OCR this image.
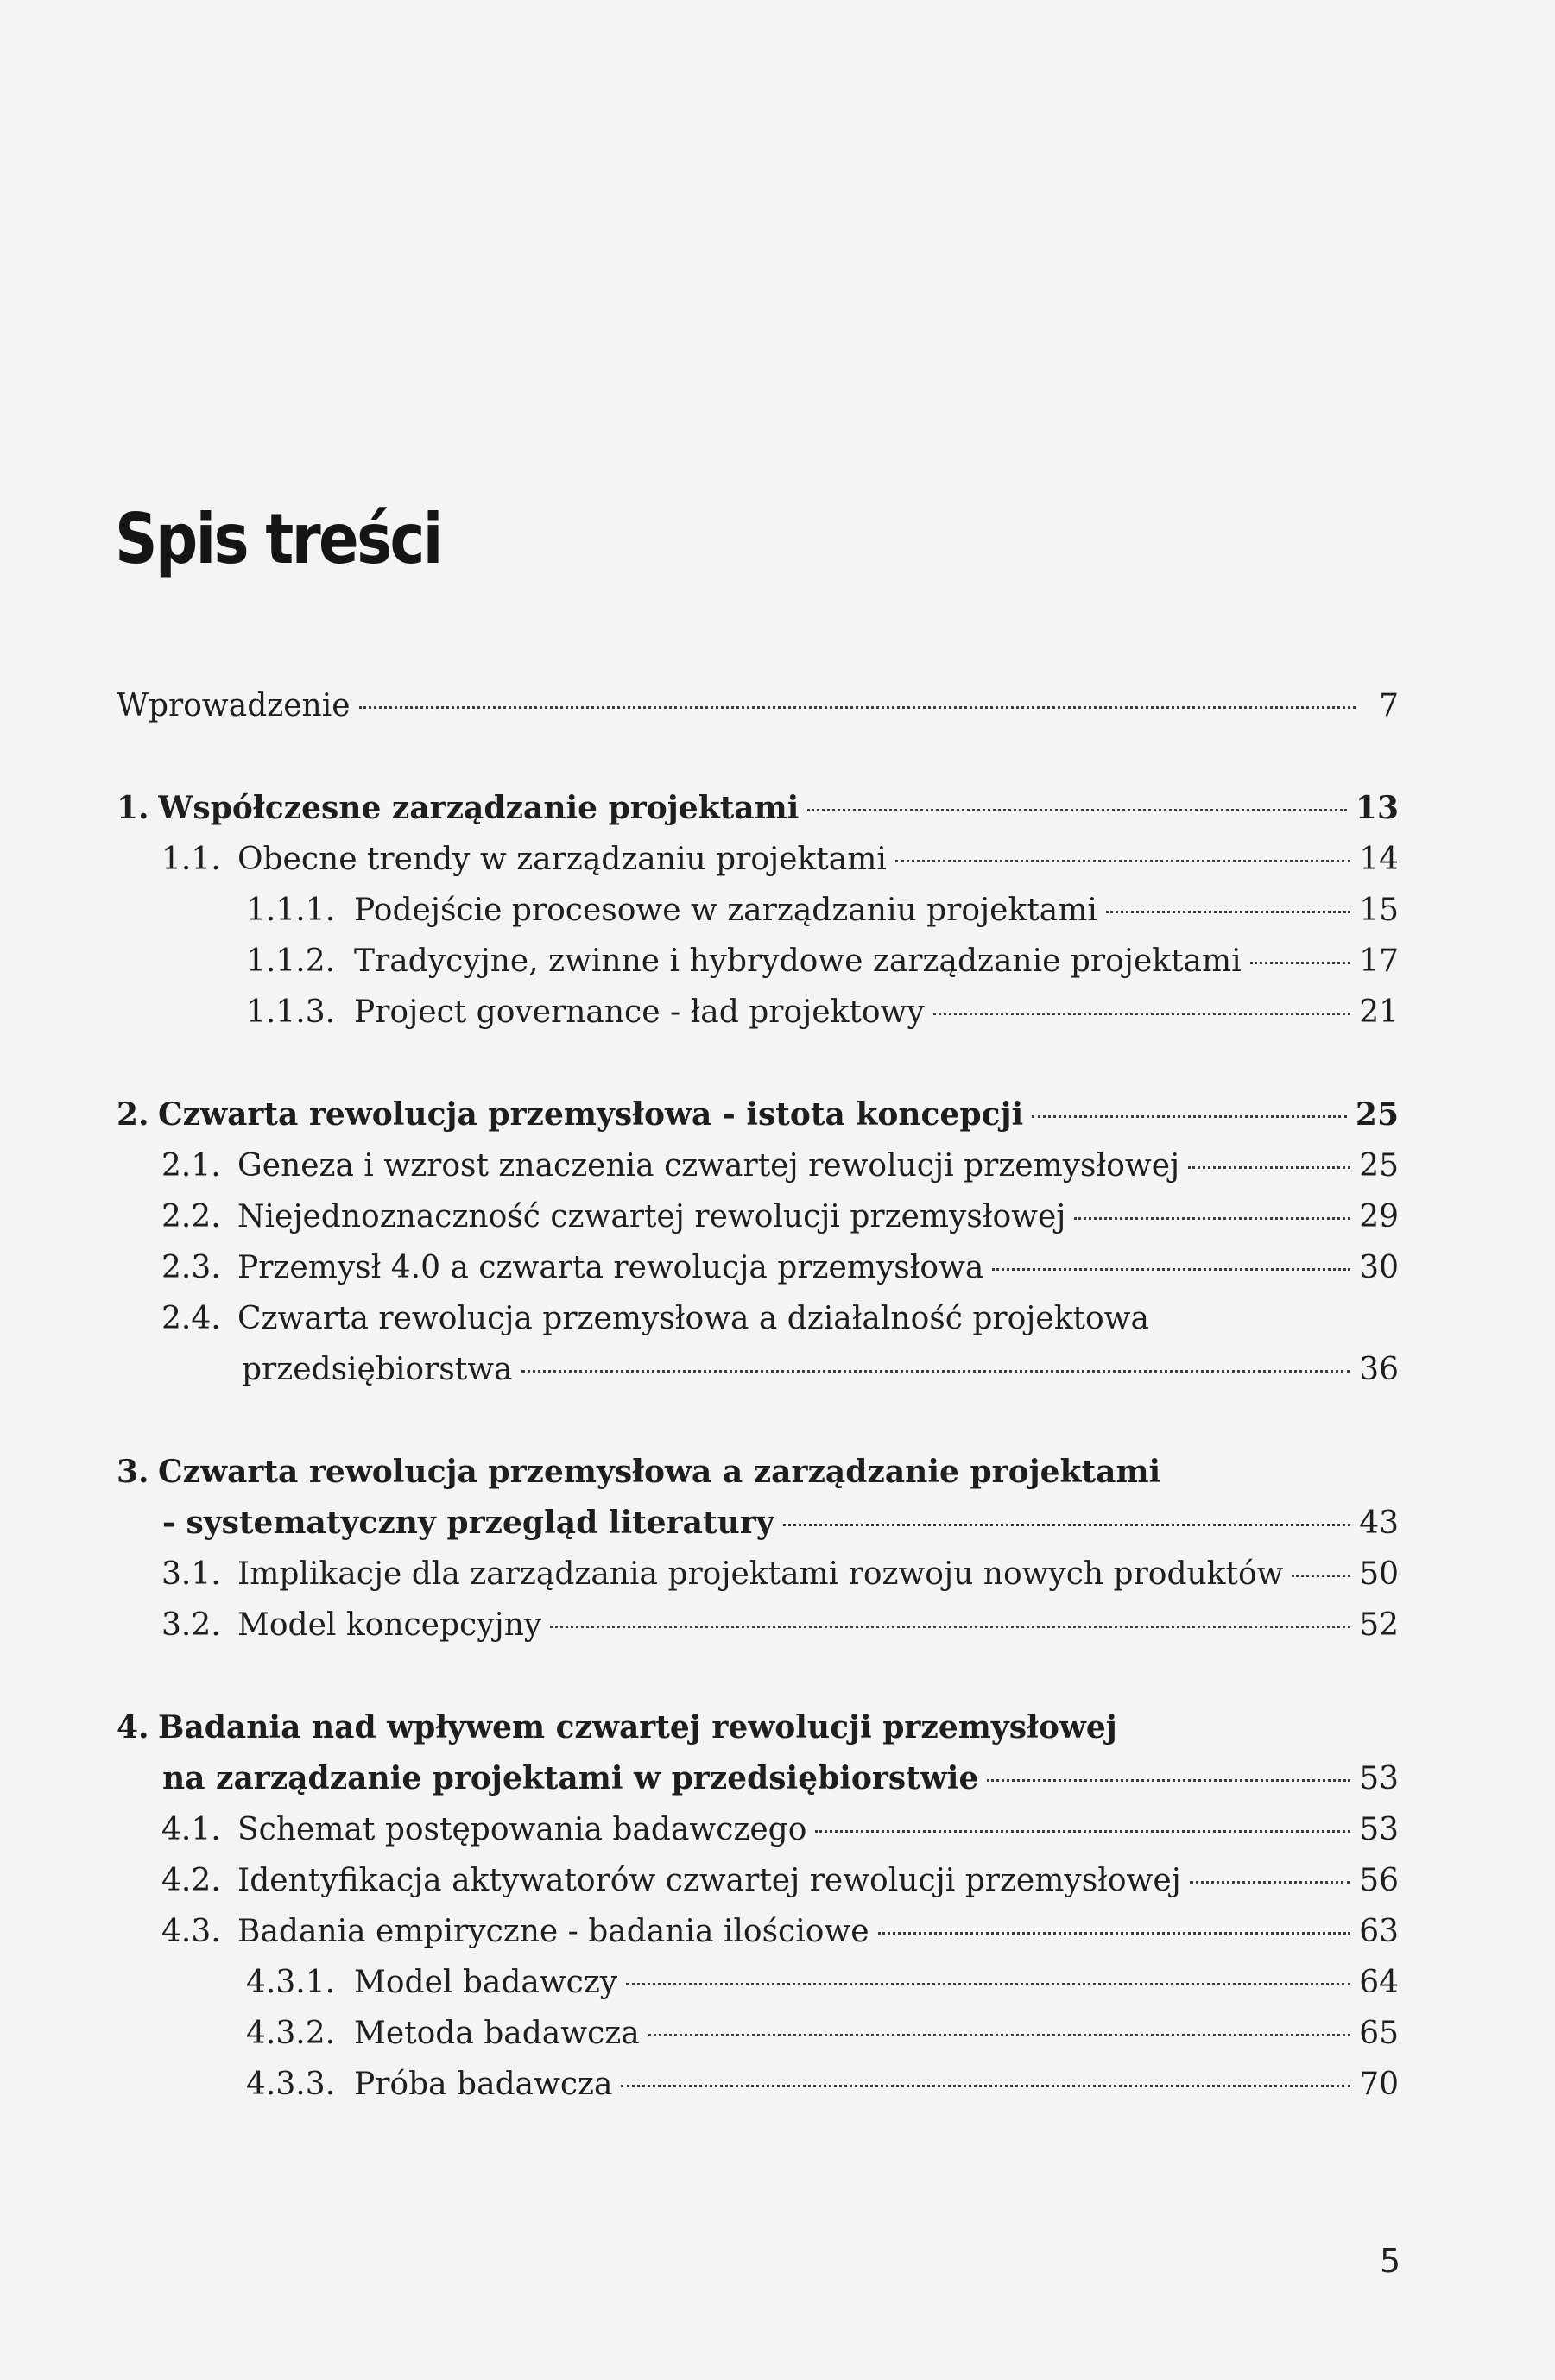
Spis treści
Wprowadzenie	7
1. Współczesne zarządzanie projektami	13
1.1. Obecne trendy w zarządzaniu projektami	14
1.1.1. Podejście procesowe w zarządzaniu projektami	15
1.1.2. Tradycyjne, zwinne i hybrydowe zarządzanie projektami	17
1.1.3. Project governance - ład projektowy	21
2. Czwarta rewolucja przemysłowa - istota koncepcji	25
2.1. Geneza i wzrost znaczenia czwartej rewolucji przemysłowej	25
2.2. Niejednoznaczność czwartej rewolucji przemysłowej	29
2.3. Przemysł 4.0 a czwarta rewolucja przemysłowa	30
2.4. Czwarta rewolucja przemysłowa a działalność projektowa
przedsiębiorstwa	36
3. Czwarta rewolucja przemysłowa a zarządzanie projektami
- systematyczny przegląd literatury	43
3.1. Implikacje dla zarządzania projektami rozwoju nowych produktów 50
3.2. Model koncepcyjny	52
4. Badania nad wpływem czwartej rewolucji przemysłowej
na zarządzanie projektami w przedsiębiorstwie	53
4.1. Schemat postępowania badawczego	53
4.2. Identyfikacja aktywatorów czwartej rewolucji przemysłowej	56
4.3. Badania empiryczne - badania ilościowe	63
4.3.1. Model badawczy	64
4.3.2. Metoda badawcza	65
4.3.3. Próba badawcza	70
5
